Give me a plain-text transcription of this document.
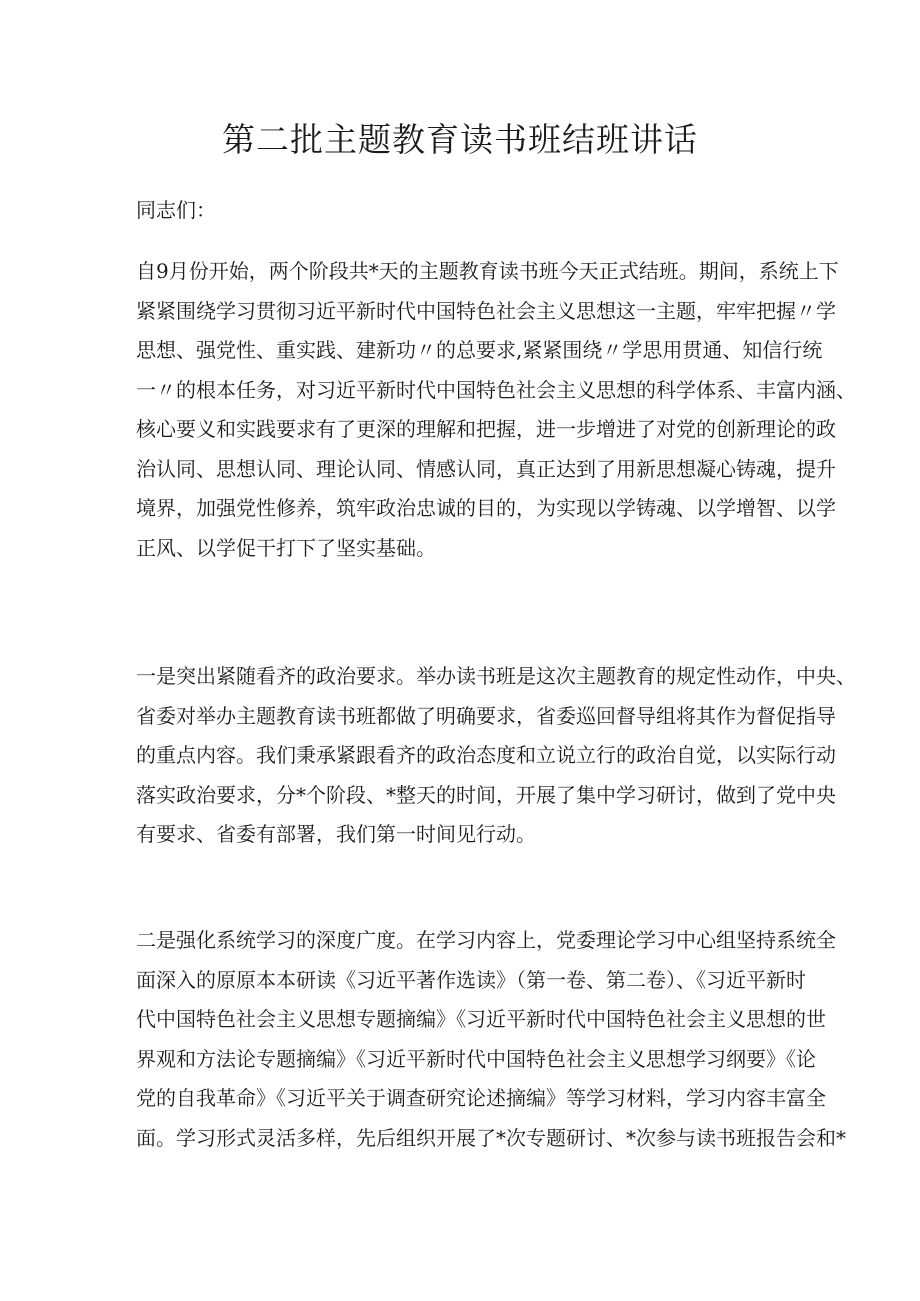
第二批主题教育读书班结班讲话
同志们：
自9月份开始，两个阶段共*天的主题教育读书班今天正式结班。期间，系统上下
紧紧围绕学习贯彻习近平新时代中国特色社会主义思想这一主题，牢牢把握〃学
思想、强党性、重实践、建新功〃的总要求,紧紧围绕〃学思用贯通、知信行统
一〃的根本任务，对习近平新时代中国特色社会主义思想的科学体系、丰富内涵、
核心要义和实践要求有了更深的理解和把握，进一步增进了对党的创新理论的政
治认同、思想认同、理论认同、情感认同，真正达到了用新思想凝心铸魂，提升
境界，加强党性修养，筑牢政治忠诚的目的，为实现以学铸魂、以学增智、以学
正风、以学促干打下了坚实基础。
一是突出紧随看齐的政治要求。举办读书班是这次主题教育的规定性动作，中央、
省委对举办主题教育读书班都做了明确要求，省委巡回督导组将其作为督促指导
的重点内容。我们秉承紧跟看齐的政治态度和立说立行的政治自觉，以实际行动
落实政治要求，分*个阶段、*整天的时间，开展了集中学习研讨，做到了党中央
有要求、省委有部署，我们第一时间见行动。
二是强化系统学习的深度广度。在学习内容上，党委理论学习中心组坚持系统全
面深入的原原本本研读《习近平著作选读》（第一卷、第二卷）、《习近平新时
代中国特色社会主义思想专题摘编》《习近平新时代中国特色社会主义思想的世
界观和方法论专题摘编》《习近平新时代中国特色社会主义思想学习纲要》《论
党的自我革命》《习近平关于调查研究论述摘编》等学习材料，学习内容丰富全
面。学习形式灵活多样，先后组织开展了*次专题研讨、*次参与读书班报告会和*
